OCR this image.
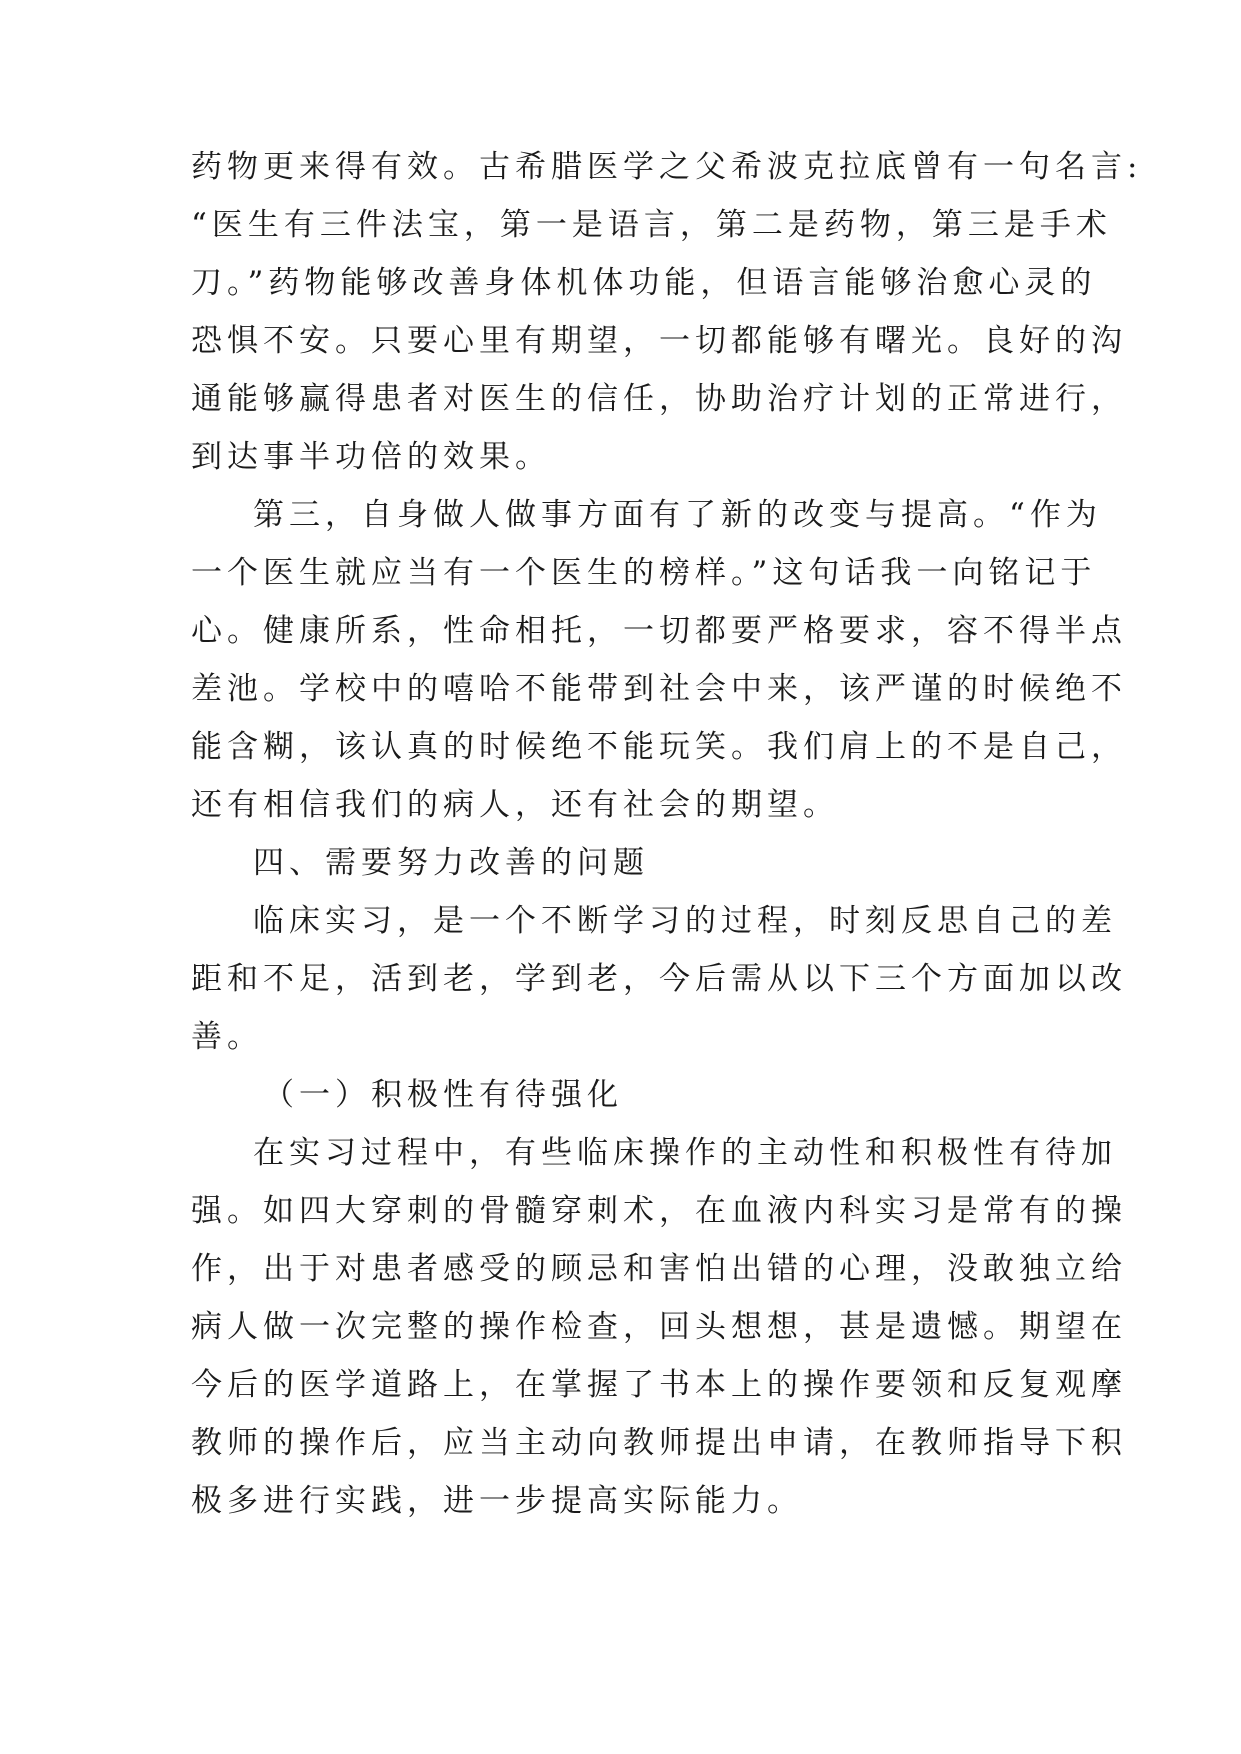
药物更来得有效。古希腊医学之父希波克拉底曾有一句名言:
“医生有三件法宝，第一是语言，第二是药物，第三是手术
刀。”药物能够改善身体机体功能，但语言能够治愈心灵的
恐惧不安。只要心里有期望，一切都能够有曙光。良好的沟
通能够赢得患者对医生的信任，协助治疗计划的正常进行，
到达事半功倍的效果。
第三，自身做人做事方面有了新的改变与提高。“作为
一个医生就应当有一个医生的榜样。”这句话我一向铭记于
心。健康所系，性命相托，一切都要严格要求，容不得半点
差池。学校中的嘻哈不能带到社会中来，该严谨的时候绝不
能含糊，该认真的时候绝不能玩笑。我们肩上的不是自己，
还有相信我们的病人，还有社会的期望。
四、需要努力改善的问题
临床实习，是一个不断学习的过程，时刻反思自己的差
距和不足，活到老，学到老，今后需从以下三个方面加以改
善。
（一）积极性有待强化
在实习过程中，有些临床操作的主动性和积极性有待加
强。如四大穿刺的骨髓穿刺术，在血液内科实习是常有的操
作，出于对患者感受的顾忌和害怕出错的心理，没敢独立给
病人做一次完整的操作检查，回头想想，甚是遗憾。期望在
今后的医学道路上，在掌握了书本上的操作要领和反复观摩
教师的操作后，应当主动向教师提出申请，在教师指导下积
极多进行实践，进一步提高实际能力。
